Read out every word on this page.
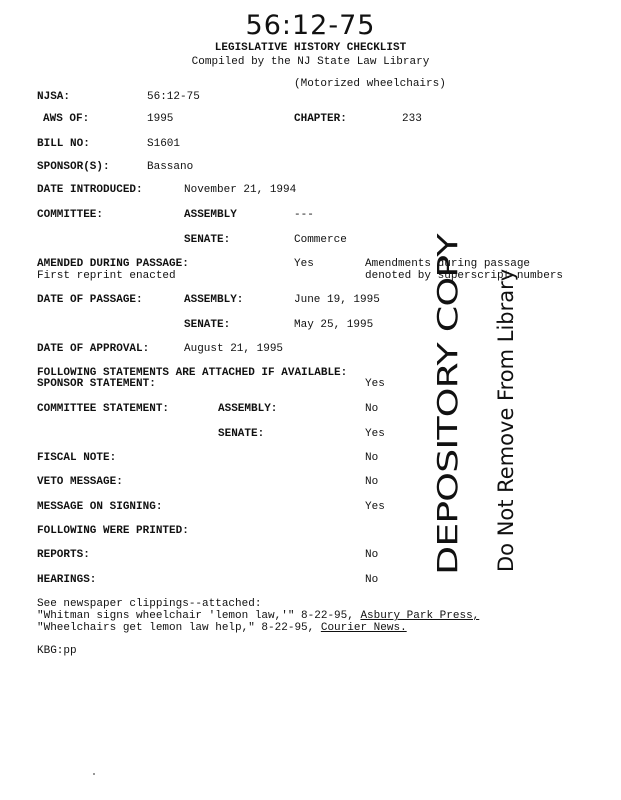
56:12-75
LEGISLATIVE HISTORY CHECKLIST
Compiled by the NJ State Law Library
(Motorized wheelchairs)
NJSA:	56:12-75
AWS OF:	1995	CHAPTER:	233
BILL NO:	S1601
SPONSOR(S):	Bassano
DATE INTRODUCED:	November 21, 1994
COMMITTEE:	ASSEMBLY	---
SENATE:	Commerce
AMENDED DURING PASSAGE:	Yes	Amendments during passage
First reprint enacted	denoted by superscript numbers
DATE OF PASSAGE:	ASSEMBLY:	June 19, 1995
SENATE:	May 25, 1995
DATE OF APPROVAL:	August 21, 1995
FOLLOWING STATEMENTS ARE ATTACHED IF AVAILABLE:
SPONSOR STATEMENT:	Yes
COMMITTEE STATEMENT:	ASSEMBLY:	No
SENATE:	Yes
FISCAL NOTE:	No
VETO MESSAGE:	No
MESSAGE ON SIGNING:	Yes
FOLLOWING WERE PRINTED:
REPORTS:	No
HEARINGS:	No
See newspaper clippings--attached:
"Whitman signs wheelchair 'lemon law,'" 8-22-95, Asbury Park Press,
"Wheelchairs get lemon law help," 8-22-95, Courier News.
KBG:pp
DEPOSITORY COPY Do Not Remove From Library
